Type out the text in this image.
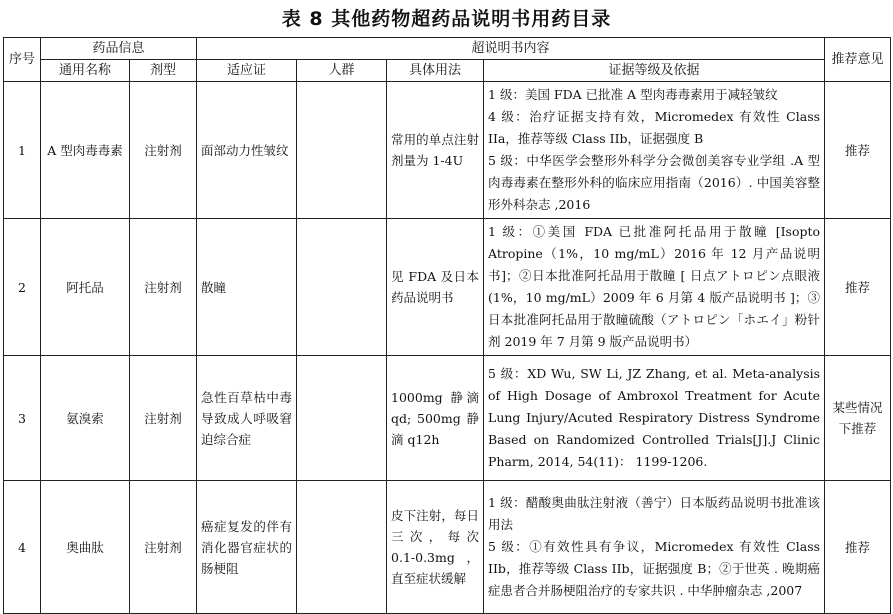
表 8 其他药物超药品说明书用药目录
序号	药品信息		超说明书内容				推荐意见
	通用名称	剂型	适应证	人群	具体用法	证据等级及依据	
1	A 型肉毒毒素	注射剂	面部动力性皱纹		常用的单点注射剂量为 1-4U	1 级：美国 FDA 已批准 A 型肉毒毒素用于减轻皱纹
4 级：治疗证据支持有效，Micromedex 有效性 Class IIa，推荐等级 Class IIb，证据强度 B
5 级：中华医学会整形外科学分会微创美容专业学组 .A 型肉毒毒素在整形外科的临床应用指南（2016）. 中国美容整形外科杂志 ,2016	推荐
2	阿托品	注射剂	散瞳		见 FDA 及日本药品说明书	1 级：①美国 FDA 已批准阿托品用于散瞳 [Isopto Atropine（1%，10 mg/mL）2016 年 12 月产品说明书]；②日本批准阿托品用于散瞳 [ 日点アトロピン点眼液 (1%，10 mg/mL）2009 年 6 月第 4 版产品说明书 ]；③日本批准阿托品用于散瞳硫酸（アトロピン「ホエイ」粉针剂 2019 年 7 月第 9 版产品说明书）	推荐
3	氨溴索	注射剂	急性百草枯中毒导致成人呼吸窘迫综合症		1000mg 静滴 qd; 500mg 静滴 q12h	5 级：XD Wu, SW Li, JZ Zhang, et al. Meta-analysis of High Dosage of Ambroxol Treatment for Acute Lung Injury/Acuted Respiratory Distress Syndrome Based on Randomized Controlled Trials[J].J Clinic Pharm, 2014, 54(11)： 1199-1206.	某些情况下推荐
4	奥曲肽	注射剂	癌症复发的伴有消化器官症状的肠梗阻		皮下注射，每日三次，每次 0.1-0.3mg，直至症状缓解	1 级：醋酸奥曲肽注射液（善宁）日本版药品说明书批准该用法
5 级：①有效性具有争议，Micromedex 有效性 Class IIb，推荐等级 Class IIb，证据强度 B；②于世英 . 晚期癌症患者合并肠梗阻治疗的专家共识 . 中华肿瘤杂志 ,2007	推荐
